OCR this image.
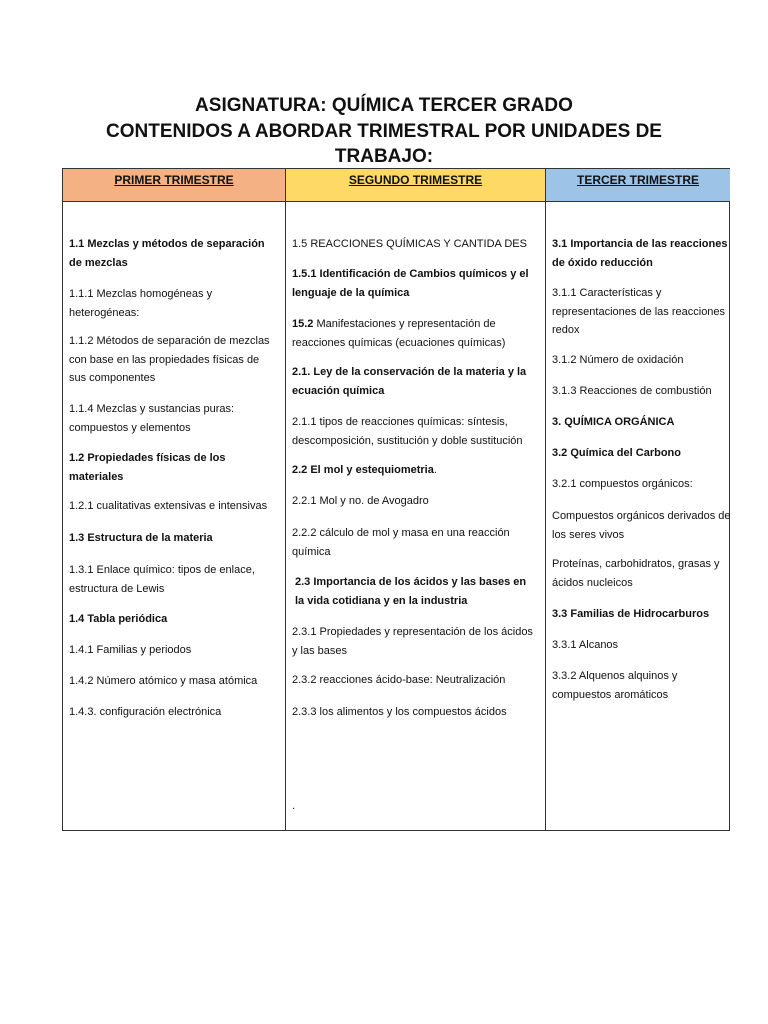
ASIGNATURA: QUÍMICA TERCER GRADO
CONTENIDOS A ABORDAR TRIMESTRAL POR UNIDADES DE
TRABAJO:
PRIMER TRIMESTRE	SEGUNDO TRIMESTRE	TERCER TRIMESTRE

1.1 Mezclas y métodos de separación de mezclas

1.1.1 Mezclas homogéneas y heterogéneas:

1.1.2 Métodos de separación de mezclas con base en las propiedades físicas de sus componentes

1.1.4 Mezclas y sustancias puras: compuestos y elementos

1.2 Propiedades físicas de los materiales

1.2.1 cualitativas extensivas e intensivas

1.3 Estructura de la materia

1.3.1 Enlace químico: tipos de enlace, estructura de Lewis

1.4 Tabla periódica

1.4.1 Familias y periodos

1.4.2 Número atómico y masa atómica

1.4.3. configuración electrónica

1.5 REACCIONES QUÍMICAS Y CANTIDA DES

1.5.1 Identificación de Cambios químicos y el lenguaje de la química

15.2 Manifestaciones y representación de reacciones químicas (ecuaciones químicas)

2.1. Ley de la conservación de la materia y la ecuación química

2.1.1 tipos de reacciones químicas: síntesis, descomposición, sustitución y doble sustitución

2.2 El mol y estequiometria.

2.2.1 Mol y no. de Avogadro

2.2.2 cálculo de mol y masa en una reacción química

2.3 Importancia de los ácidos y las bases en la vida cotidiana y en la industria

2.3.1 Propiedades y representación de los ácidos y las bases

2.3.2 reacciones ácido-base: Neutralización

2.3.3 los alimentos y los compuestos ácidos

.

3.1 Importancia de las reacciones de óxido reducción

3.1.1 Características y representaciones de las reacciones redox

3.1.2 Número de oxidación

3.1.3 Reacciones de combustión

3. QUÍMICA ORGÁNICA

3.2 Química del Carbono

3.2.1 compuestos orgánicos:

Compuestos orgánicos derivados de los seres vivos

Proteínas, carbohidratos, grasas y ácidos nucleicos

3.3 Familias de Hidrocarburos

3.3.1 Alcanos

3.3.2 Alquenos alquinos y compuestos aromáticos
